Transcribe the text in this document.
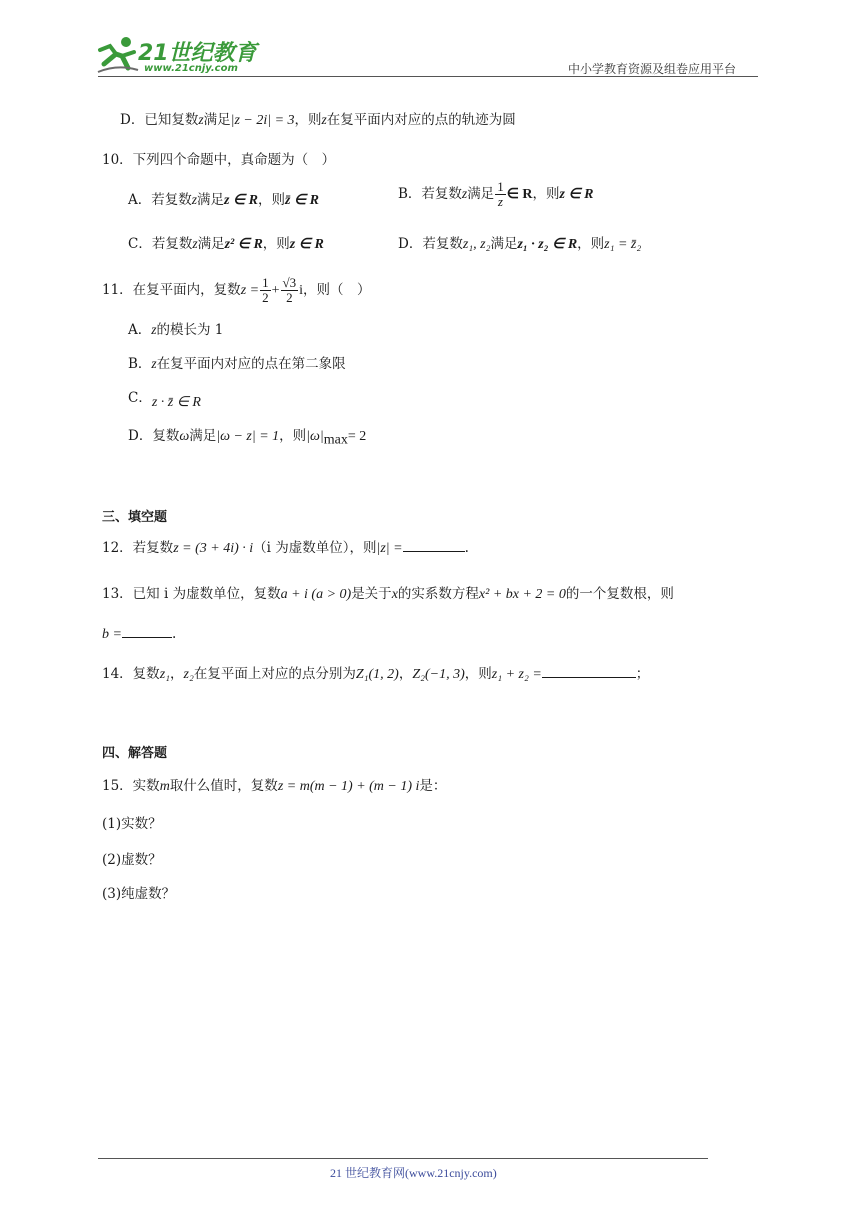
21世纪教育
www.21cnjy.com	中小学教育资源及组卷应用平台
D．已知复数z满足|z − 2i| = 3，则z在复平面内对应的点的轨迹为圆
10．下列四个命题中，真命题为（　）
A．若复数z满足z ∈ R，则z̄ ∈ R	B．若复数z满足 $\frac{1}{z}$ ∈ R，则z ∈ R
C．若复数z满足z² ∈ R，则z ∈ R	D．若复数z₁, z₂满足z₁ · z₂ ∈ R，则z₁ = z̄₂
11．在复平面内，复数$z = \frac{1}{2} + \frac{√3}{2}$ i，则（　）
A．z的模长为 1
B．z在复平面内对应的点在第二象限
C．z · z̄ ∈ R
D．复数ω满足|ω − z| = 1，则$|\omega|_{max}= 2$
三、填空题
12．若复数z = (3 + 4i) · i（i 为虚数单位），则|z| =	.
13．已知 i 为虚数单位，复数a + i (a > 0)是关于x的实系数方程x² + bx + 2 = 0的一个复数根，则
b =	.
14．复数z₁，z₂在复平面上对应的点分别为Z₁(1, 2)，Z₂(−1, 3)，则z₁ + z₂ =	；
四、解答题
15．实数m取什么值时，复数z = m(m − 1) + (m − 1) i是：
(1)实数？
(2)虚数？
(3)纯虚数？
21 世纪教育网(www.21cnjy.com)
